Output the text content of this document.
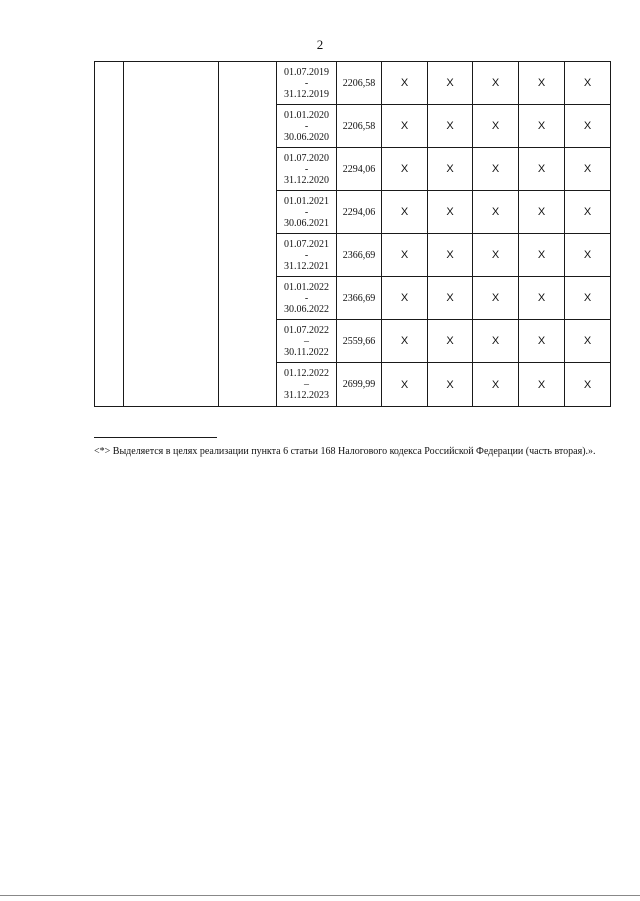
2

			01.07.2019
-
31.12.2019	2206,58	Х	Х	Х	Х	Х

			01.01.2020
-
30.06.2020	2206,58	Х	Х	Х	Х	Х

			01.07.2020
-
31.12.2020	2294,06	Х	Х	Х	Х	Х

			01.01.2021
-
30.06.2021	2294,06	Х	Х	Х	Х	Х

			01.07.2021
-
31.12.2021	2366,69	Х	Х	Х	Х	Х

			01.01.2022
-
30.06.2022	2366,69	Х	Х	Х	Х	Х

			01.07.2022
–
30.11.2022	2559,66	Х	Х	Х	Х	Х

			01.12.2022
–
31.12.2023	2699,99	Х	Х	Х	Х	Х
<*> Выделяется в целях реализации пункта 6 статьи 168 Налогового кодекса Российской Федерации (часть вторая).».
